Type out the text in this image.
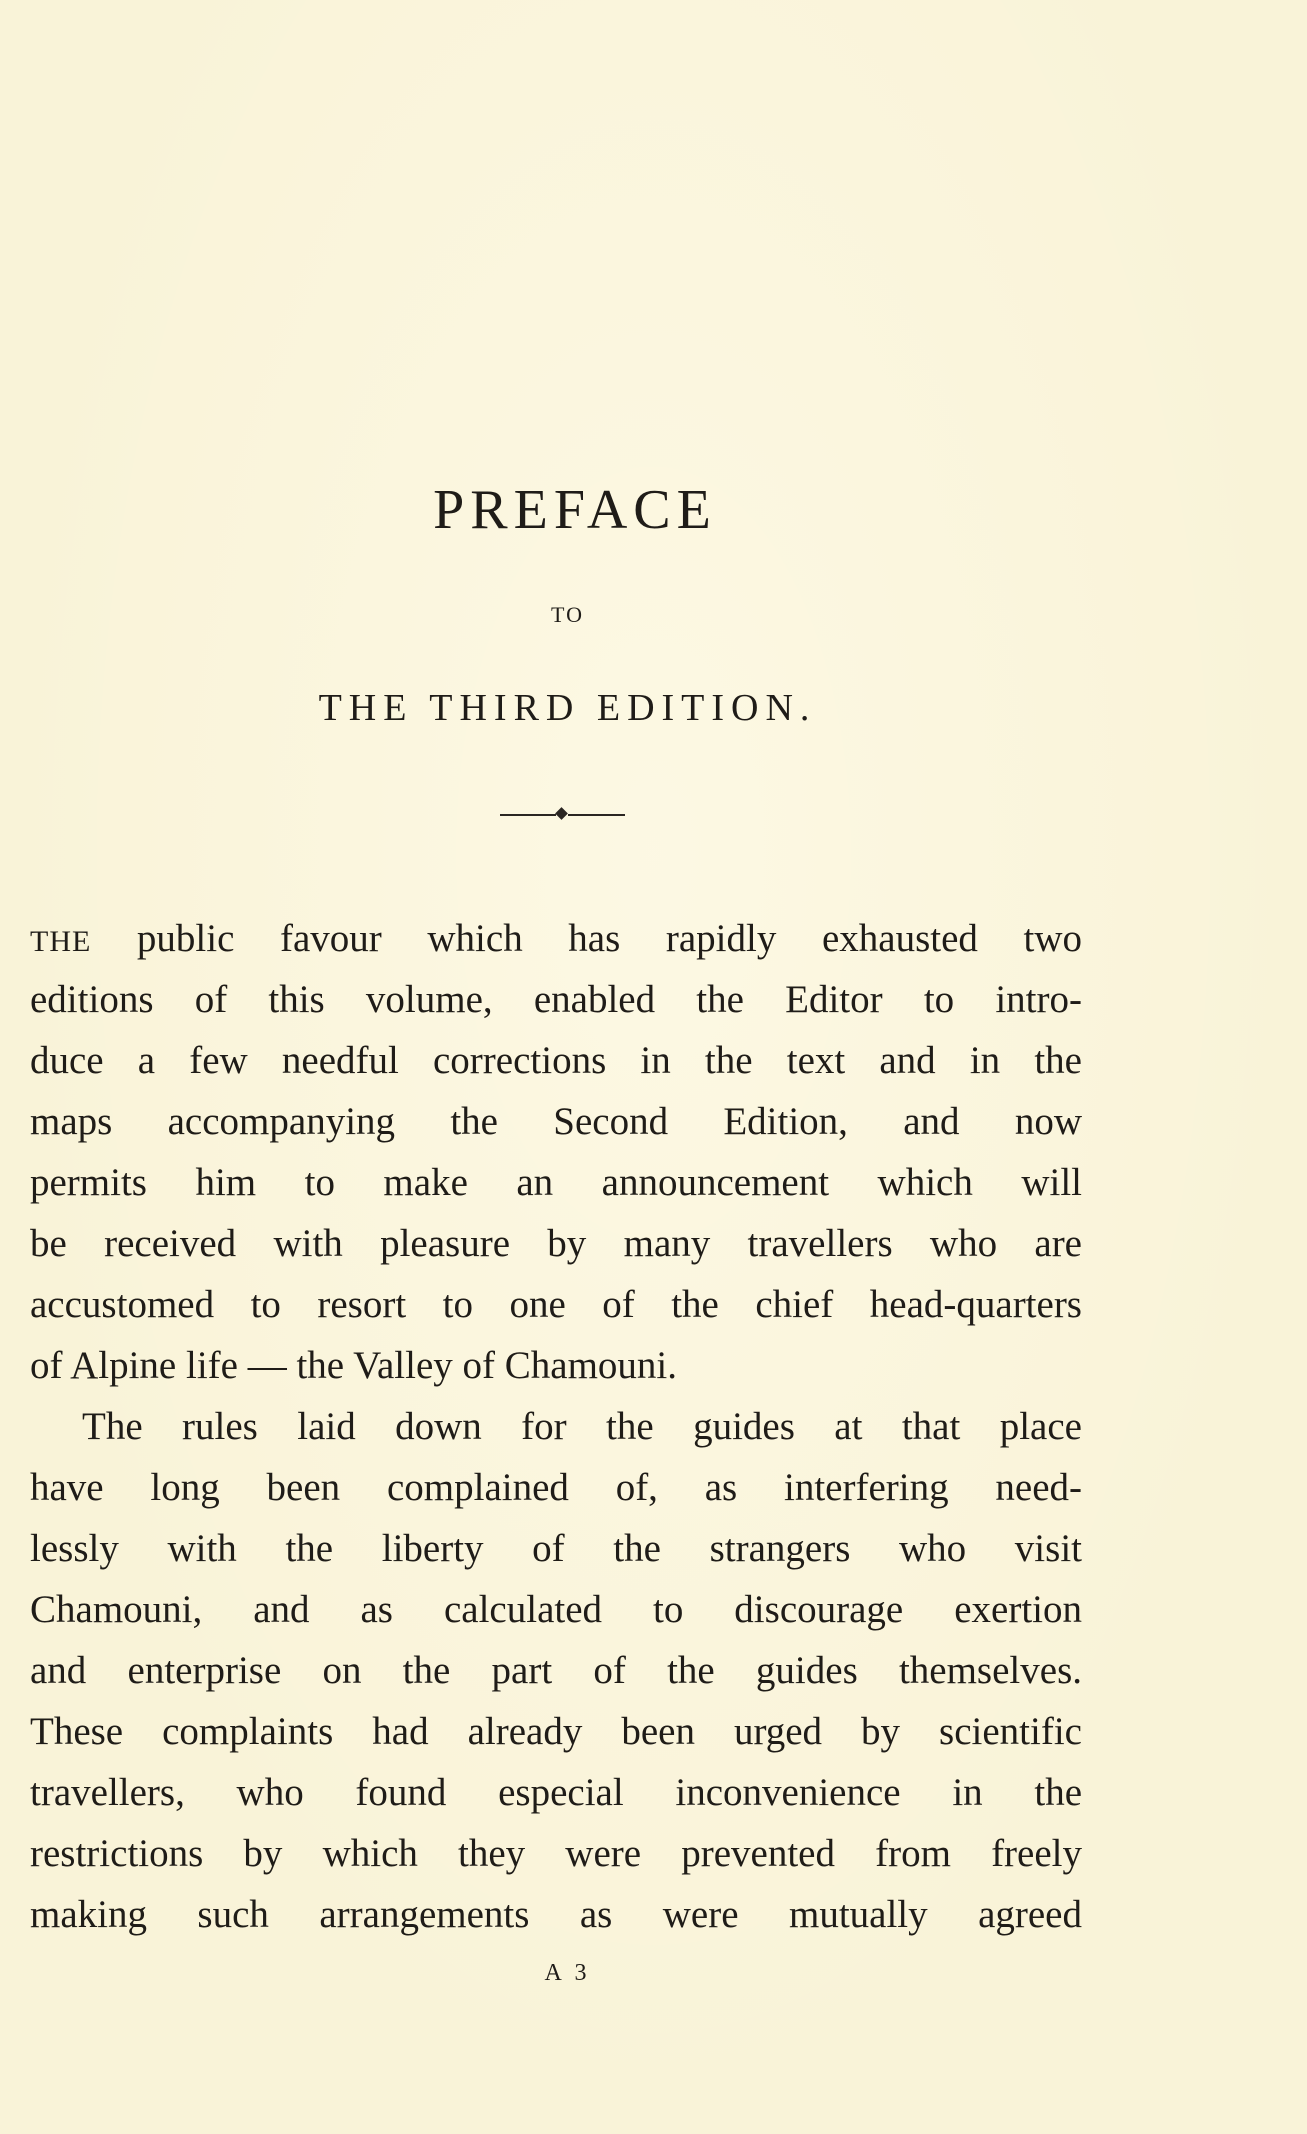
PREFACE
TO
THE THIRD EDITION.
THE public favour which has rapidly exhausted two
editions of this volume, enabled the Editor to intro-
duce a few needful corrections in the text and in the
maps accompanying the Second Edition, and now
permits him to make an announcement which will
be received with pleasure by many travellers who are
accustomed to resort to one of the chief head-quarters
of Alpine life — the Valley of Chamouni.
The rules laid down for the guides at that place
have long been complained of, as interfering need-
lessly with the liberty of the strangers who visit
Chamouni, and as calculated to discourage exertion
and enterprise on the part of the guides themselves.
These complaints had already been urged by scientific
travellers, who found especial inconvenience in the
restrictions by which they were prevented from freely
making such arrangements as were mutually agreed
A 3
